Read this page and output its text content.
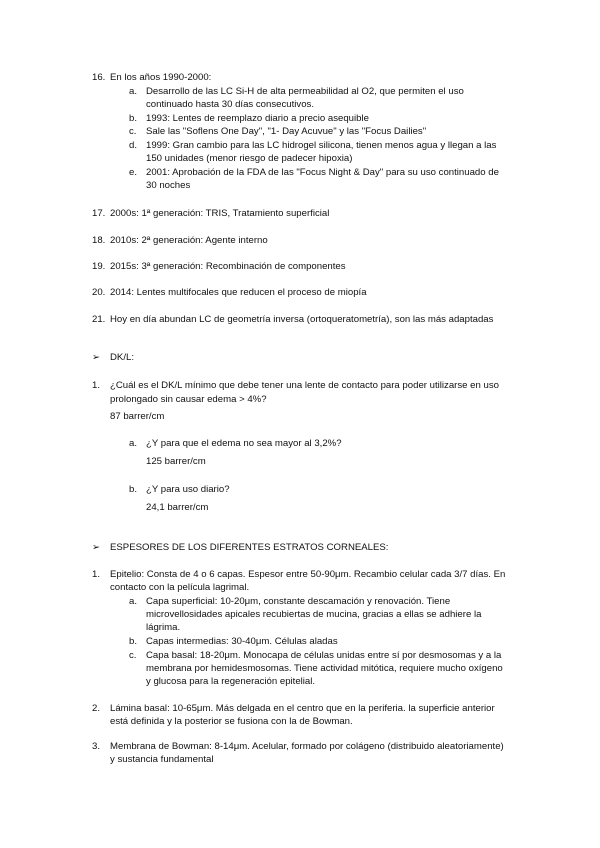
16. En los años 1990-2000:
a. Desarrollo de las LC Si-H de alta permeabilidad al O2, que permiten el uso
continuado hasta 30 días consecutivos.
b. 1993: Lentes de reemplazo diario a precio asequible
c. Sale las "Soflens One Day", "1- Day Acuvue" y las "Focus Dailies"
d. 1999: Gran cambio para las LC hidrogel silicona, tienen menos agua y llegan a las
150 unidades (menor riesgo de padecer hipoxia)
e. 2001: Aprobación de la FDA de las "Focus Night & Day" para su uso continuado de
30 noches
17. 2000s: 1ª generación: TRIS, Tratamiento superficial
18. 2010s: 2ª generación: Agente interno
19. 2015s: 3ª generación: Recombinación de componentes
20. 2014: Lentes multifocales que reducen el proceso de miopía
21. Hoy en día abundan LC de geometría inversa (ortoqueratometría), son las más adaptadas
➢ DK/L:
1. ¿Cuál es el DK/L mínimo que debe tener una lente de contacto para poder utilizarse en uso
prolongado sin causar edema > 4%?
87 barrer/cm
a. ¿Y para que el edema no sea mayor al 3,2%?
125 barrer/cm
b. ¿Y para uso diario?
24,1 barrer/cm
➢ ESPESORES DE LOS DIFERENTES ESTRATOS CORNEALES:
1. Epitelio: Consta de 4 o 6 capas. Espesor entre 50-90μm. Recambio celular cada 3/7 días. En
contacto con la película lagrimal.
a. Capa superficial: 10-20μm, constante descamación y renovación. Tiene
microvellosidades apicales recubiertas de mucina, gracias a ellas se adhiere la
lágrima.
b. Capas intermedias: 30-40μm. Células aladas
c. Capa basal: 18-20μm. Monocapa de células unidas entre sí por desmosomas y a la
membrana por hemidesmosomas. Tiene actividad mitótica, requiere mucho oxígeno
y glucosa para la regeneración epitelial.
2. Lámina basal: 10-65μm. Más delgada en el centro que en la periferia. la superficie anterior
está definida y la posterior se fusiona con la de Bowman.
3. Membrana de Bowman: 8-14μm. Acelular, formado por colágeno (distribuido aleatoriamente)
y sustancia fundamental
